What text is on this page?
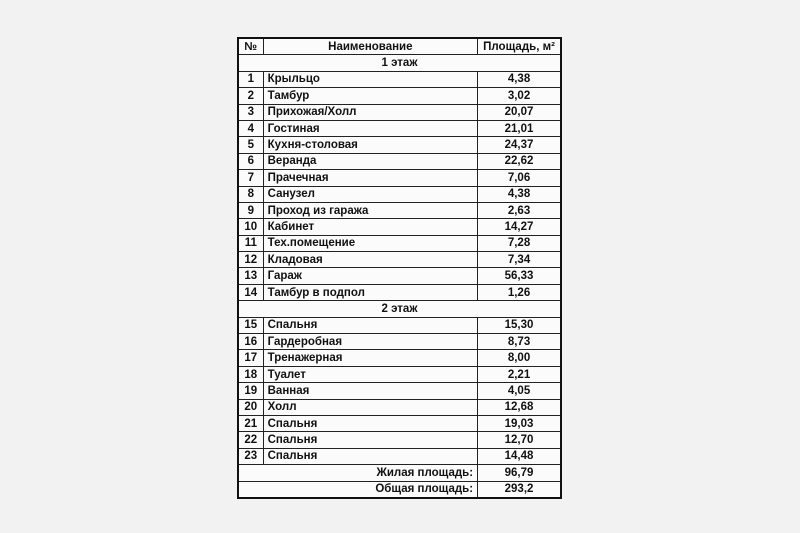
№	Наименование	Площадь, м²
1 этаж		
1	Крыльцо	4,38
2	Тамбур	3,02
3	Прихожая/Холл	20,07
4	Гостиная	21,01
5	Кухня-столовая	24,37
6	Веранда	22,62
7	Прачечная	7,06
8	Санузел	4,38
9	Проход из гаража	2,63
10	Кабинет	14,27
11	Тех.помещение	7,28
12	Кладовая	7,34
13	Гараж	56,33
14	Тамбур в подпол	1,26
2 этаж		
15	Спальня	15,30
16	Гардеробная	8,73
17	Тренажерная	8,00
18	Туалет	2,21
19	Ванная	4,05
20	Холл	12,68
21	Спальня	19,03
22	Спальня	12,70
23	Спальня	14,48
Жилая площадь:		96,79
Общая площадь:		293,2
